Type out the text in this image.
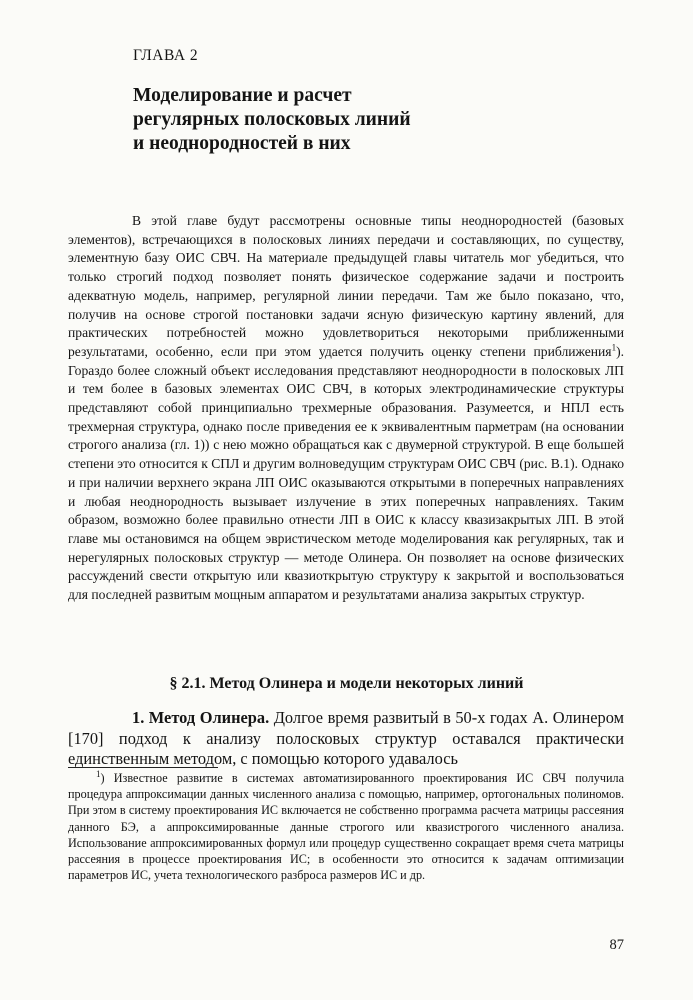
ГЛАВА 2
Моделирование и расчет
регулярных полосковых линий
и неоднородностей в них

В этой главе будут рассмотрены основные типы неоднородностей (базовых элементов), встречающихся в полосковых линиях передачи и составляющих, по существу, элементную базу ОИС СВЧ. На материале предыдущей главы читатель мог убедиться, что только строгий подход позволяет понять физическое содержание задачи и построить адекватную модель, например, регулярной линии передачи. Там же было показано, что, получив на основе строгой постановки задачи ясную физическую картину явлений, для практических потребностей можно удовлетвориться некоторыми приближенными результатами, особенно, если при этом удается получить оценку степени приближения$^1$). Гораздо более сложный объект исследования представляют неоднородности в полосковых ЛП и тем более в базовых элементах ОИС СВЧ, в которых электродинамические структуры представляют собой принципиально трехмерные образования. Разумеется, и НПЛ есть трехмерная структура, однако после приведения ее к эквивалентным парметрам (на основании строгого анализа (гл. 1)) с нею можно обращаться как с двумерной структурой. В еще большей степени это относится к СПЛ и другим волноведущим структурам ОИС СВЧ (рис. В.1). Однако и при наличии верхнего экрана ЛП ОИС оказываются открытыми в поперечных направлениях и любая неоднородность вызывает излучение в этих поперечных направлениях. Таким образом, возможно более правильно отнести ЛП в ОИС к классу квазизакрытых ЛП. В этой главе мы остановимся на общем эвристическом методе моделирования как регулярных, так и нерегулярных полосковых структур — методе Олинера. Он позволяет на основе физических рассуждений свести открытую или квазиоткрытую структуру к закрытой и воспользоваться для последней развитым мощным аппаратом и результатами анализа закрытых структур.

§ 2.1. Метод Олинера и модели некоторых линий

1. Метод Олинера. Долгое время развитый в 50-х годах А. Олинером [170] подход к анализу полосковых структур оставался практически единственным методом, с помощью которого удавалось

$^1$) Известное развитие в системах автоматизированного проектирования ИС СВЧ получила процедура аппроксимации данных численного анализа с помощью, например, ортогональных полиномов. При этом в систему проектирования ИС включается не собственно программа расчета матрицы рассеяния данного БЭ, а аппроксимированные данные строгого или квазистрогого численного анализа. Использование аппроксимированных формул или процедур существенно сокращает время счета матрицы рассеяния в процессе проектирования ИС; в особенности это относится к задачам оптимизации параметров ИС, учета технологического разброса размеров ИС и др.

87
